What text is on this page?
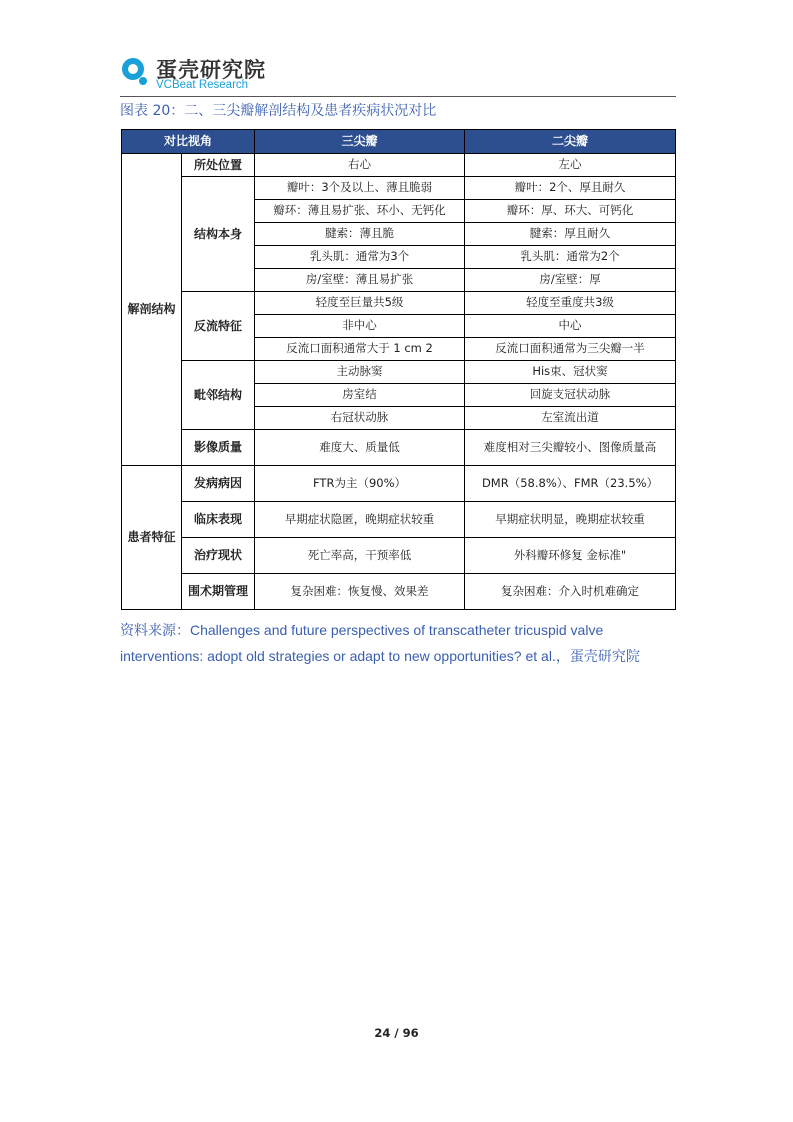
蛋壳研究院
VCBeat Research
图表 20：二、三尖瓣解剖结构及患者疾病状况对比
对比视角		三尖瓣	二尖瓣
解剖结构	所处位置	右心	左心
	结构本身	瓣叶：3个及以上、薄且脆弱	瓣叶：2个、厚且耐久
		瓣环：薄且易扩张、环小、无钙化	瓣环：厚、环大、可钙化
		腱索：薄且脆	腱索：厚且耐久
		乳头肌：通常为3个	乳头肌：通常为2个
		房/室壁：薄且易扩张	房/室壁：厚
	反流特征	轻度至巨量共5级	轻度至重度共3级
		非中心	中心
		反流口面积通常大于 1 cm 2	反流口面积通常为三尖瓣一半
	毗邻结构	主动脉窦	His束、冠状窦
		房室结	回旋支冠状动脉
		右冠状动脉	左室流出道
	影像质量	难度大、质量低	难度相对三尖瓣较小、图像质量高
患者特征	发病病因	FTR为主（90%）	DMR（58.8%）、FMR（23.5%）
	临床表现	早期症状隐匿，晚期症状较重	早期症状明显，晚期症状较重
	治疗现状	死亡率高，干预率低	外科瓣环修复 金标准"
	围术期管理	复杂困难：恢复慢、效果差	复杂困难：介入时机难确定
资料来源：Challenges and future perspectives of transcatheter tricuspid valve interventions: adopt old strategies or adapt to new opportunities? et al.，蛋壳研究院
24 / 96
